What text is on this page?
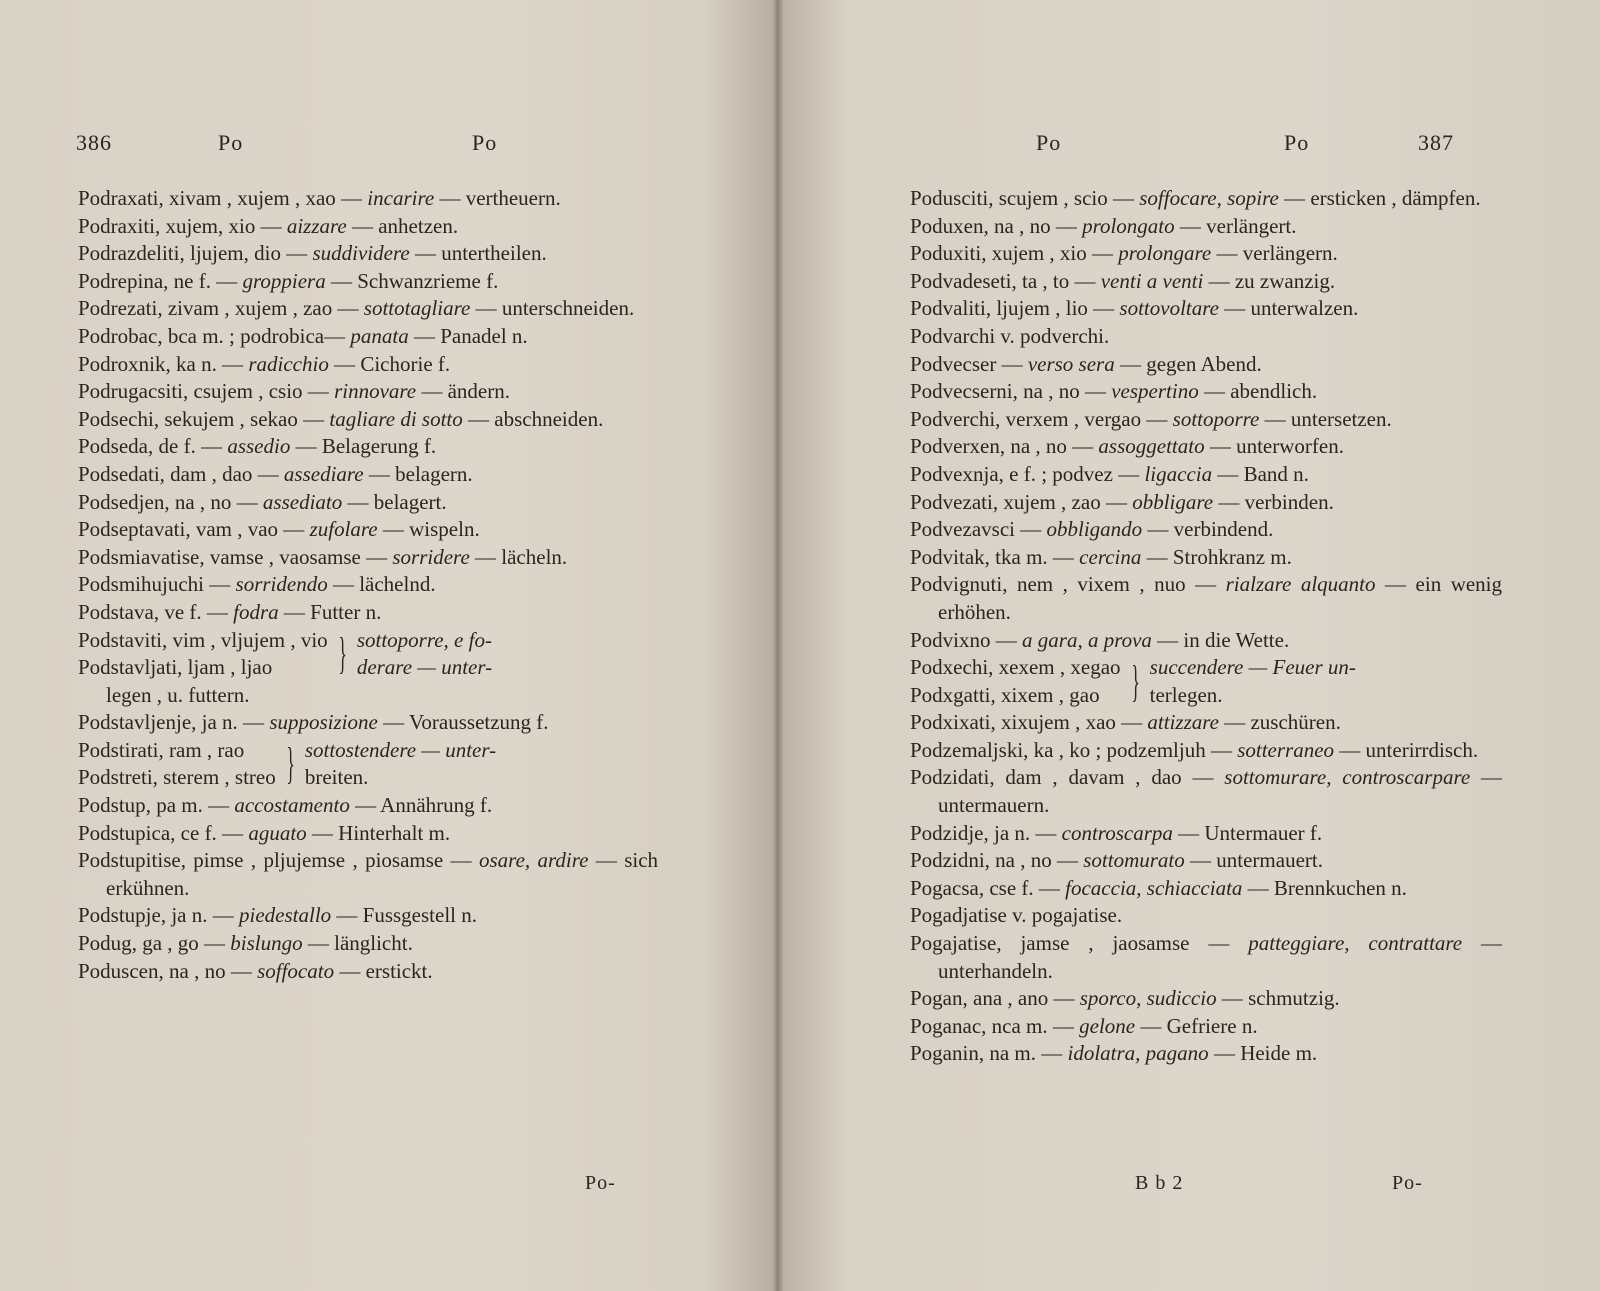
386	Po	Po

Podraxati, xivam , xujem , xao — incarire — vertheuern.

Podraxiti, xujem, xio — aizzare — anhetzen.

Podrazdeliti, ljujem, dio — suddividere — untertheilen.

Podrepina, ne f. — groppiera — Schwanzrieme f.

Podrezati, zivam , xujem , zao — sottotagliare — unterschneiden.

Podrobac, bca m. ; podrobica— panata — Panadel n.

Podroxnik, ka n. — radicchio — Cichorie f.

Podrugacsiti, csujem , csio — rinnovare — ändern.

Podsechi, sekujem , sekao — tagliare di sotto — abschneiden.

Podseda, de f. — assedio — Belagerung f.

Podsedati, dam , dao — assediare — belagern.

Podsedjen, na , no — assediato — belagert.

Podseptavati, vam , vao — zufolare — wispeln.

Podsmiavatise, vamse , vaosamse — sorridere — lächeln.

Podsmihujuchi — sorridendo — lächelnd.

Podstava, ve f. — fodra — Futter n.

Podstaviti, vim , vljujem , vio
Podstavljati, ljam , ljao	} sottoporre, e fo-
derare — unter-
legen , u. futtern.

Podstavljenje, ja n. — supposizione — Voraussetzung f.

Podstirati, ram , rao
Podstreti, sterem , streo } sottostendere — unter-
breiten.

Podstup, pa m. — accostamento — Annährung f.

Podstupica, ce f. — aguato — Hinterhalt m.

Podstupitise, pimse , pljujemse , piosamse — osare, ardire — sich erkühnen.

Podstupje, ja n. — piedestallo — Fussgestell n.

Podug, ga , go — bislungo — länglicht.

Poduscen, na , no — soffocato — erstickt.

Po-
Po	Po	387

Podusciti, scujem , scio — soffocare, sopire — ersticken , dämpfen.

Poduxen, na , no — prolongato — verlängert.

Poduxiti, xujem , xio — prolongare — verlängern.

Podvadeseti, ta , to — venti a venti — zu zwanzig.

Podvaliti, ljujem , lio — sottovoltare — unterwalzen.

Podvarchi v. podverchi.

Podvecser — verso sera — gegen Abend.

Podvecserni, na , no — vespertino — abendlich.

Podverchi, verxem , vergao — sottoporre — untersetzen.

Podverxen, na , no — assoggettato — unterworfen.

Podvexnja, e f. ; podvez — ligaccia — Band n.

Podvezati, xujem , zao — obbligare — verbinden.

Podvezavsci — obbligando — verbindend.

Podvitak, tka m. — cercina — Strohkranz m.

Podvignuti, nem , vixem , nuo — rialzare alquanto — ein wenig erhöhen.

Podvixno — a gara, a prova — in die Wette.

Podxechi, xexem , xegao
Podxgatti, xixem , gao } succendere — Feuer un-
terlegen.

Podxixati, xixujem , xao — attizzare — zuschüren.

Podzemaljski, ka , ko ; podzemljuh — sotterraneo — unterirrdisch.

Podzidati, dam , davam , dao — sottomurare, controscarpare — untermauern.

Podzidje, ja n. — controscarpa — Untermauer f.

Podzidni, na , no — sottomurato — untermauert.

Pogacsa, cse f. — focaccia, schiacciata — Brennkuchen n.

Pogadjatise v. pogajatise.

Pogajatise, jamse , jaosamse — patteggiare, contrattare — unterhandeln.

Pogan, ana , ano — sporco, sudiccio — schmutzig.

Poganac, nca m. — gelone — Gefriere n.

Poganin, na m. — idolatra, pagano — Heide m.

B b 2	Po-
